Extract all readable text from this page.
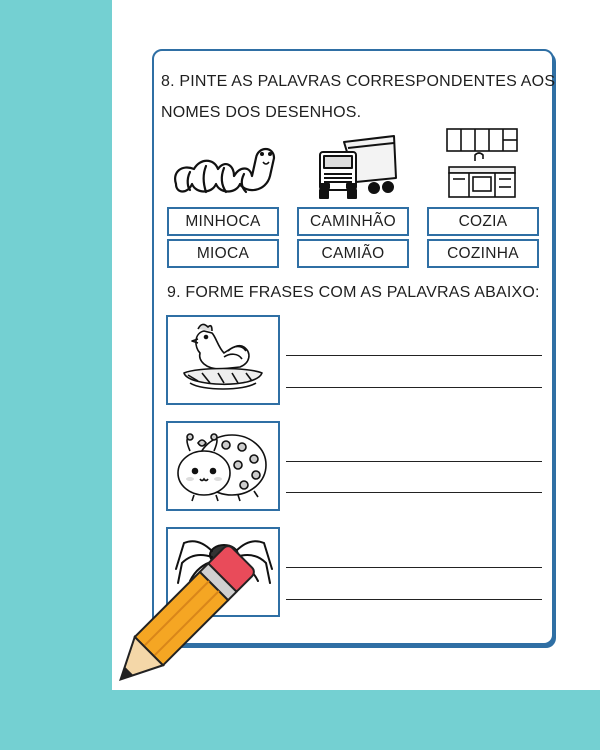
8. PINTE AS PALAVRAS CORRESPONDENTES AOS
NOMES DOS DESENHOS.
MINHOCA
MIOCA
CAMINHÃO
CAMIÃO
COZIA
COZINHA
9. FORME FRASES COM AS PALAVRAS ABAIXO:
